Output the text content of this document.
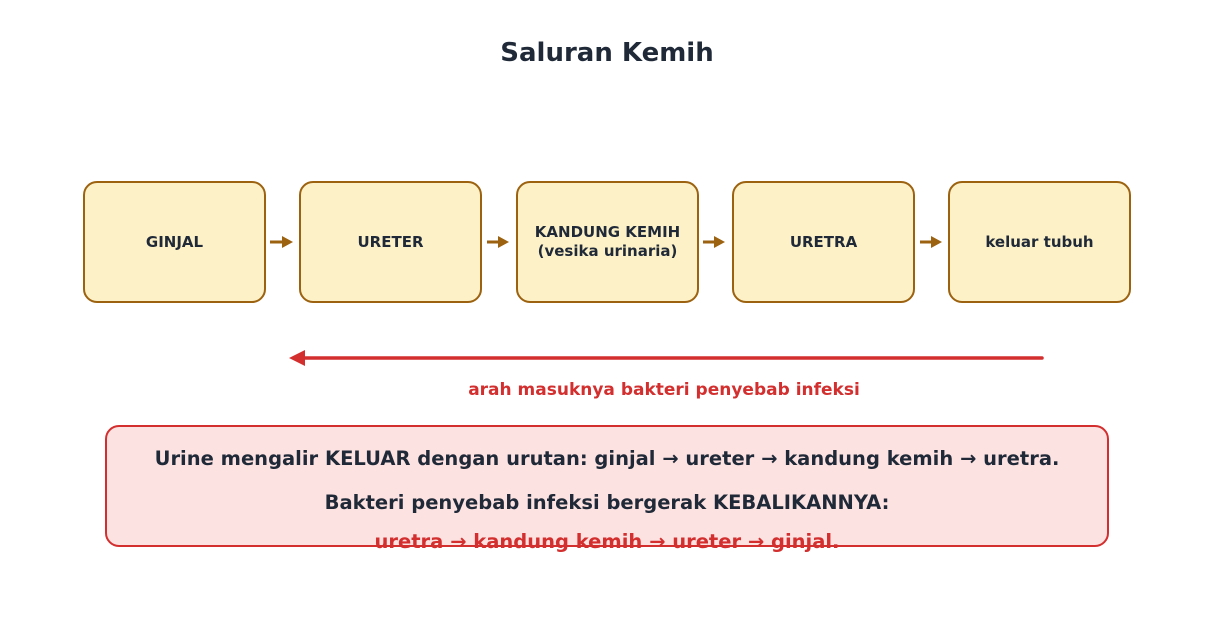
Saluran Kemih
GINJAL	URETER
KANDUNG KEMIH
(vesika urinaria)
URETRA	keluar tubuh
arah masuknya bakteri penyebab infeksi
Urine mengalir KELUAR dengan urutan: ginjal → ureter → kandung kemih → uretra.
Bakteri penyebab infeksi bergerak KEBALIKANNYA:
uretra → kandung kemih → ureter → ginjal.
